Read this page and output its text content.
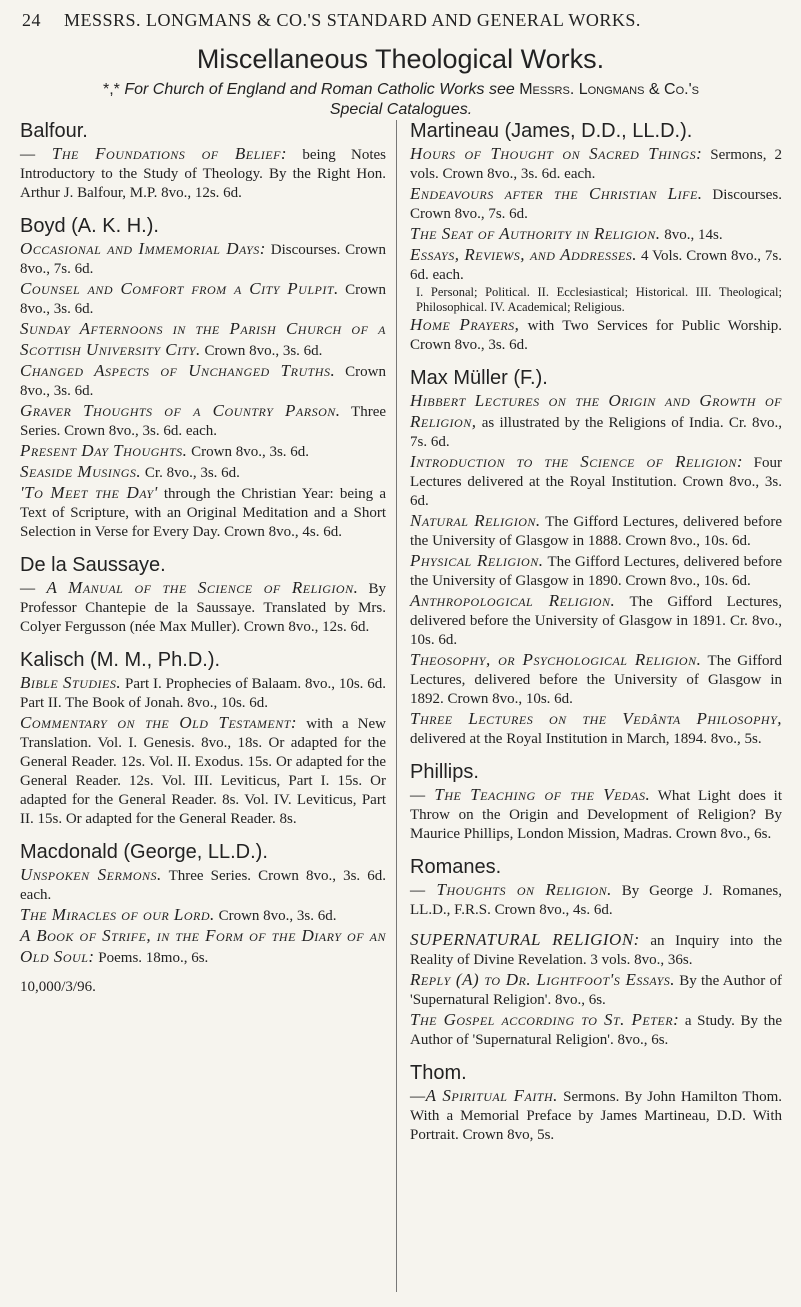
24 MESSRS. LONGMANS & CO.'S STANDARD AND GENERAL WORKS.
Miscellaneous Theological Works.
*,* For Church of England and Roman Catholic Works see Messrs. Longmans & Co.'s
Special Catalogues.
Balfour.

— The Foundations of Belief: being Notes Introductory to the Study of Theology. By the Right Hon. Arthur J. Balfour, M.P. 8vo., 12s. 6d.

Boyd (A. K. H.).

Occasional and Immemorial Days: Discourses. Crown 8vo., 7s. 6d.

Counsel and Comfort from a City Pulpit. Crown 8vo., 3s. 6d.

Sunday Afternoons in the Parish Church of a Scottish University City. Crown 8vo., 3s. 6d.

Changed Aspects of Unchanged Truths. Crown 8vo., 3s. 6d.

Graver Thoughts of a Country Parson. Three Series. Crown 8vo., 3s. 6d. each.

Present Day Thoughts. Crown 8vo., 3s. 6d.

Seaside Musings. Cr. 8vo., 3s. 6d.

'To Meet the Day' through the Christian Year: being a Text of Scripture, with an Original Meditation and a Short Selection in Verse for Every Day. Crown 8vo., 4s. 6d.

De la Saussaye.

— A Manual of the Science of Religion. By Professor Chantepie de la Saussaye. Translated by Mrs. Colyer Fergusson (née Max Muller). Crown 8vo., 12s. 6d.

Kalisch (M. M., Ph.D.).

Bible Studies. Part I. Prophecies of Balaam. 8vo., 10s. 6d. Part II. The Book of Jonah. 8vo., 10s. 6d.

Commentary on the Old Testament: with a New Translation. Vol. I. Genesis. 8vo., 18s. Or adapted for the General Reader. 12s. Vol. II. Exodus. 15s. Or adapted for the General Reader. 12s. Vol. III. Leviticus, Part I. 15s. Or adapted for the General Reader. 8s. Vol. IV. Leviticus, Part II. 15s. Or adapted for the General Reader. 8s.

Macdonald (George, LL.D.).

Unspoken Sermons. Three Series. Crown 8vo., 3s. 6d. each.

The Miracles of our Lord. Crown 8vo., 3s. 6d.

A Book of Strife, in the Form of the Diary of an Old Soul: Poems. 18mo., 6s.

10,000/3/96.
Martineau (James, D.D., LL.D.).

Hours of Thought on Sacred Things: Sermons, 2 vols. Crown 8vo., 3s. 6d. each.

Endeavours after the Christian Life. Discourses. Crown 8vo., 7s. 6d.

The Seat of Authority in Religion. 8vo., 14s.

Essays, Reviews, and Addresses. 4 Vols. Crown 8vo., 7s. 6d. each.
I. Personal; Political. II. Ecclesiastical; Historical. III. Theological; Philosophical. IV. Academical; Religious.

Home Prayers, with Two Services for Public Worship. Crown 8vo., 3s. 6d.

Max Müller (F.).

Hibbert Lectures on the Origin and Growth of Religion, as illustrated by the Religions of India. Cr. 8vo., 7s. 6d.

Introduction to the Science of Religion: Four Lectures delivered at the Royal Institution. Crown 8vo., 3s. 6d.

Natural Religion. The Gifford Lectures, delivered before the University of Glasgow in 1888. Crown 8vo., 10s. 6d.

Physical Religion. The Gifford Lectures, delivered before the University of Glasgow in 1890. Crown 8vo., 10s. 6d.

Anthropological Religion. The Gifford Lectures, delivered before the University of Glasgow in 1891. Cr. 8vo., 10s. 6d.

Theosophy, or Psychological Religion. The Gifford Lectures, delivered before the University of Glasgow in 1892. Crown 8vo., 10s. 6d.

Three Lectures on the Vedânta Philosophy, delivered at the Royal Institution in March, 1894. 8vo., 5s.

Phillips.

— The Teaching of the Vedas. What Light does it Throw on the Origin and Development of Religion? By Maurice Phillips, London Mission, Madras. Crown 8vo., 6s.

Romanes.

— Thoughts on Religion. By George J. Romanes, LL.D., F.R.S. Crown 8vo., 4s. 6d.

SUPERNATURAL RELIGION: an Inquiry into the Reality of Divine Revelation. 3 vols. 8vo., 36s.

Reply (A) to Dr. Lightfoot's Essays. By the Author of 'Supernatural Religion'. 8vo., 6s.

The Gospel according to St. Peter: a Study. By the Author of 'Supernatural Religion'. 8vo., 6s.

Thom.

—A Spiritual Faith. Sermons. By John Hamilton Thom. With a Memorial Preface by James Martineau, D.D. With Portrait. Crown 8vo, 5s.
